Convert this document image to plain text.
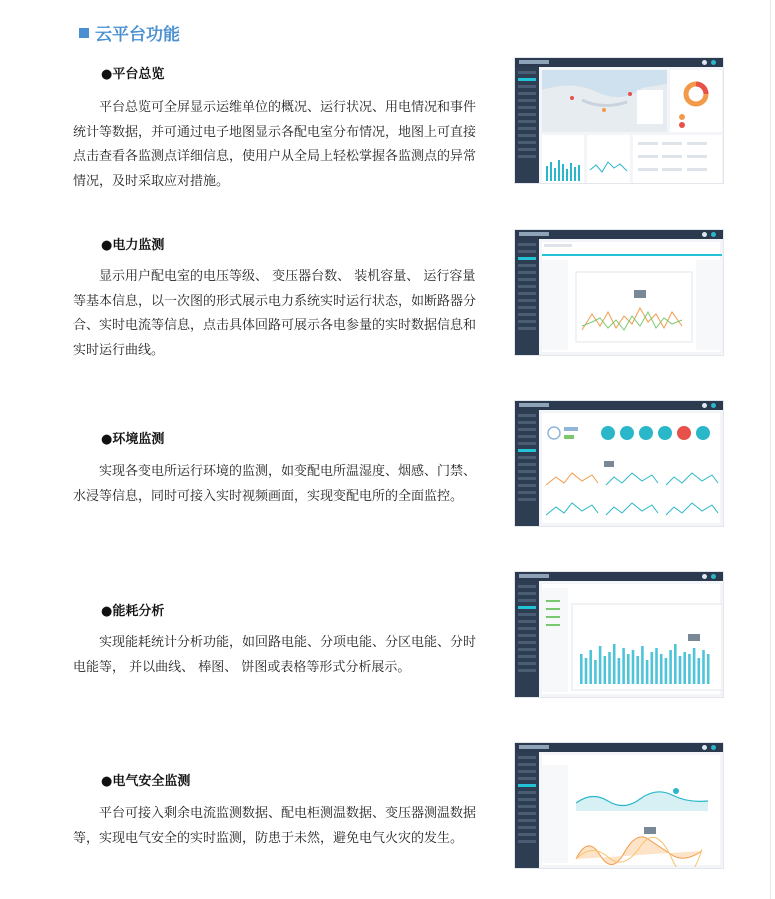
云平台功能
●平台总览

平台总览可全屏显示运维单位的概况、运行状况、用电情况和事件统计等数据，并可通过电子地图显示各配电室分布情况，地图上可直接点击查看各监测点详细信息，使用户从全局上轻松掌握各监测点的异常情况，及时采取应对措施。

●电力监测

显示用户配电室的电压等级、 变压器台数、 装机容量、 运行容量等基本信息，以一次图的形式展示电力系统实时运行状态，如断路器分合、实时电流等信息，点击具体回路可展示各电参量的实时数据信息和实时运行曲线。

●环境监测

实现各变电所运行环境的监测，如变配电所温湿度、烟感、门禁、水浸等信息，同时可接入实时视频画面，实现变配电所的全面监控。

●能耗分析

实现能耗统计分析功能，如回路电能、分项电能、分区电能、分时电能等， 并以曲线、 棒图、 饼图或表格等形式分析展示。

●电气安全监测

平台可接入剩余电流监测数据、配电柜测温数据、变压器测温数据等，实现电气安全的实时监测，防患于未然，避免电气火灾的发生。
